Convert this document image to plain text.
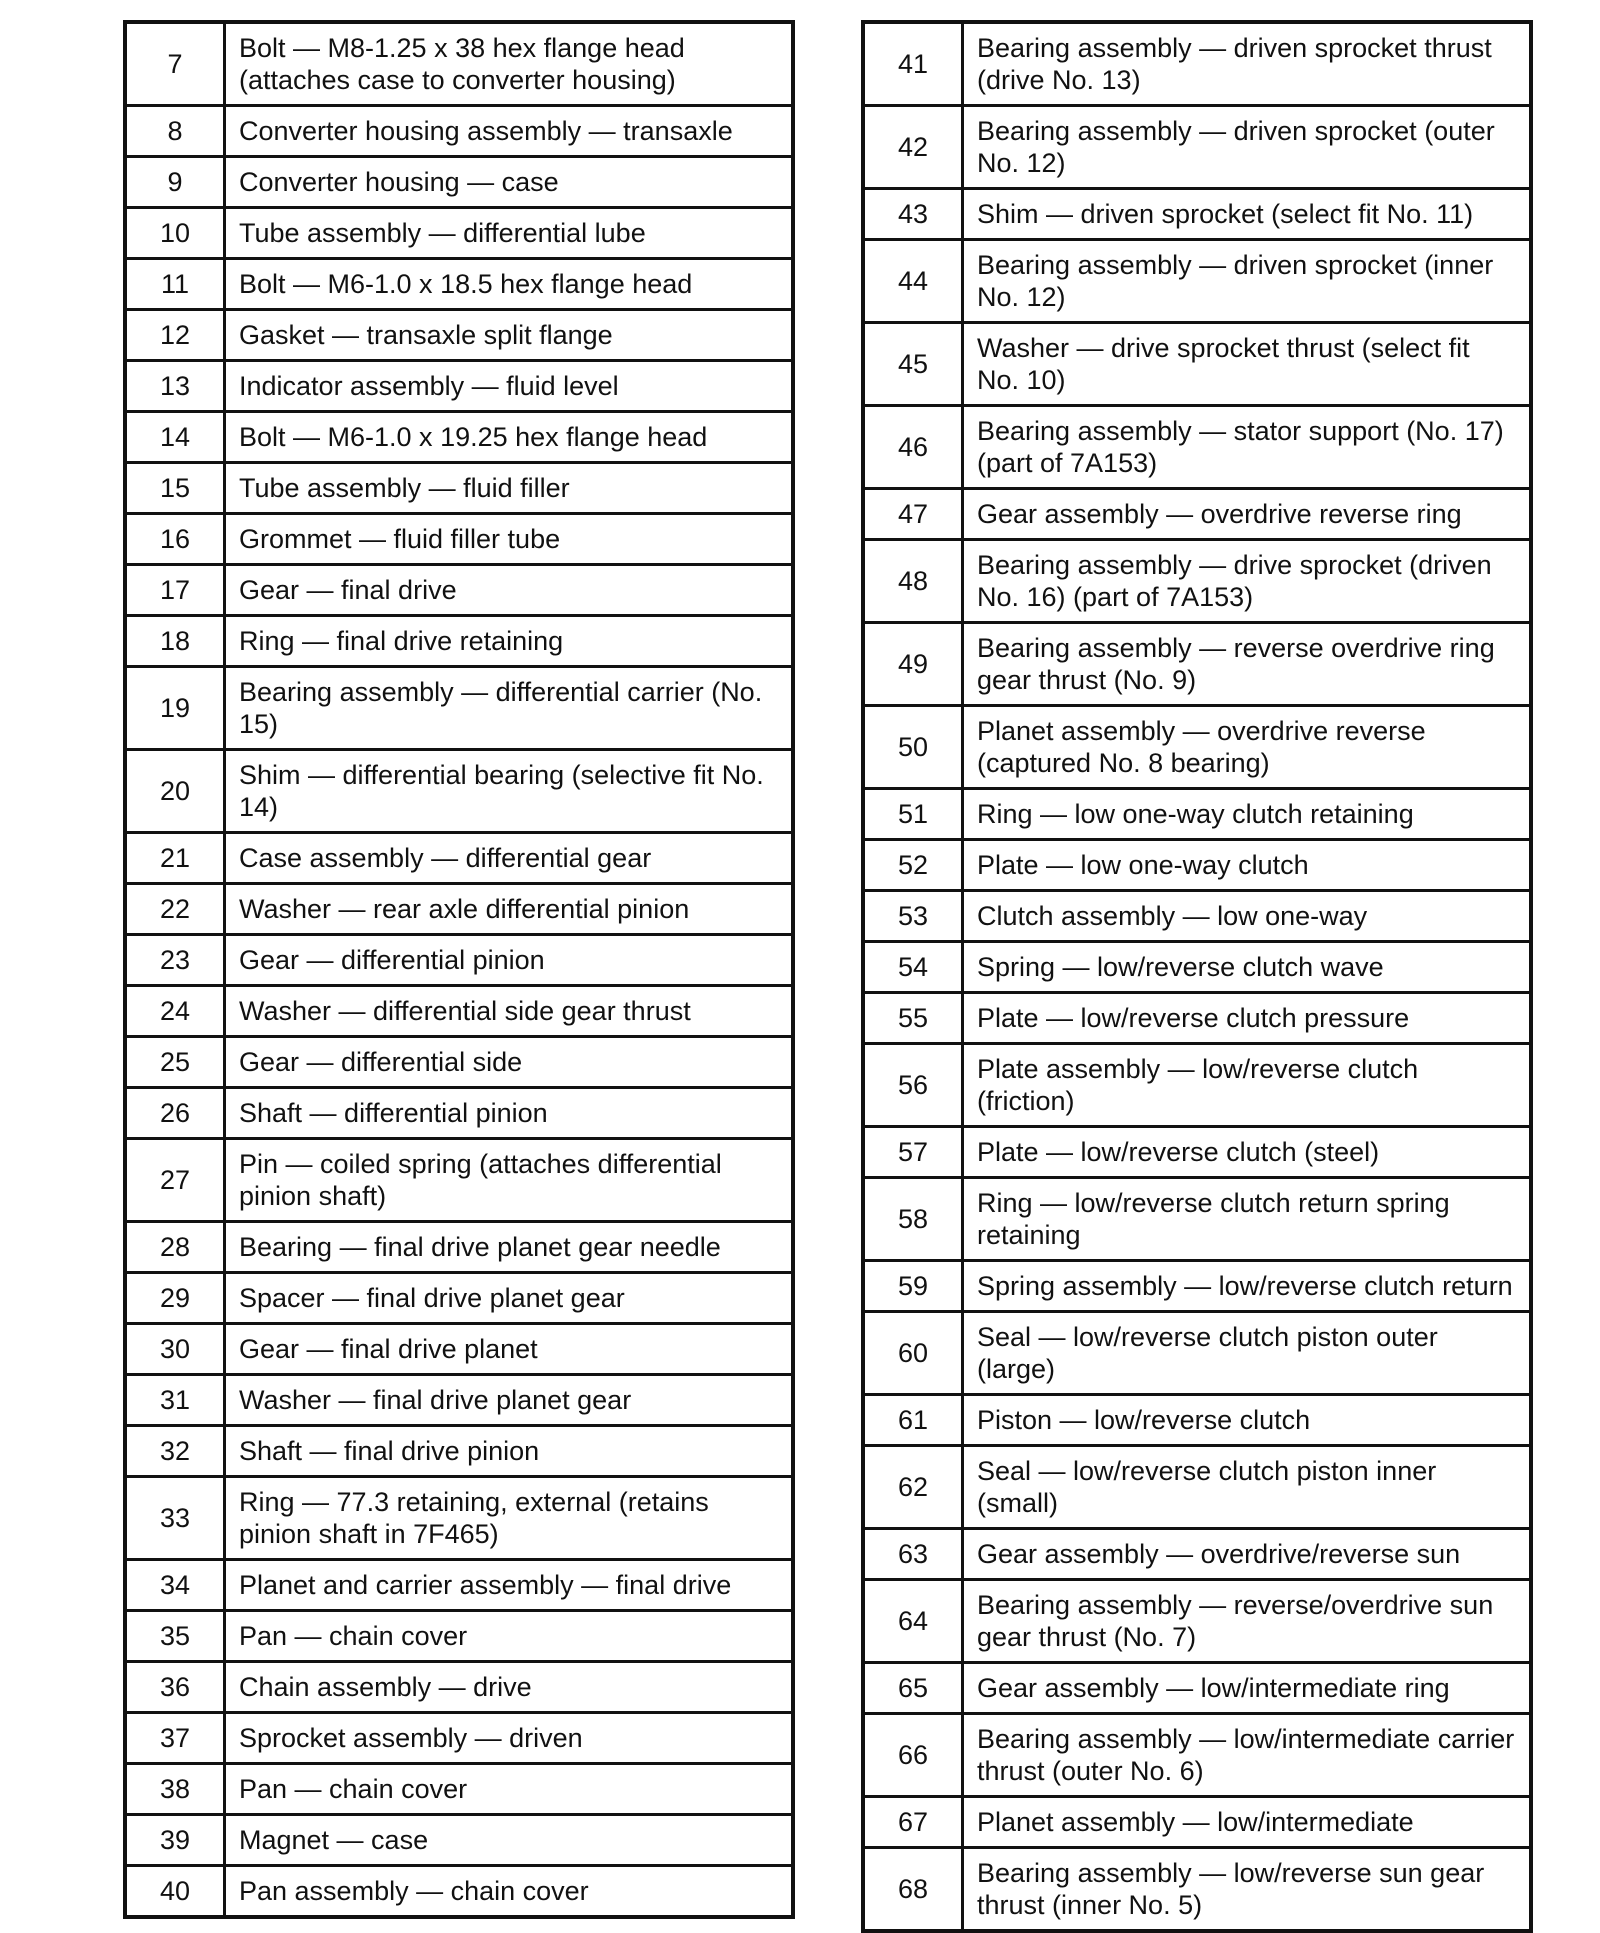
7	Bolt — M8-1.25 x 38 hex flange head (attaches case to converter housing)
8	Converter housing assembly — transaxle
9	Converter housing — case
10	Tube assembly — differential lube
11	Bolt — M6-1.0 x 18.5 hex flange head
12	Gasket — transaxle split flange
13	Indicator assembly — fluid level
14	Bolt — M6-1.0 x 19.25 hex flange head
15	Tube assembly — fluid filler
16	Grommet — fluid filler tube
17	Gear — final drive
18	Ring — final drive retaining
19	Bearing assembly — differential carrier (No. 15)
20	Shim — differential bearing (selective fit No. 14)
21	Case assembly — differential gear
22	Washer — rear axle differential pinion
23	Gear — differential pinion
24	Washer — differential side gear thrust
25	Gear — differential side
26	Shaft — differential pinion
27	Pin — coiled spring (attaches differential pinion shaft)
28	Bearing — final drive planet gear needle
29	Spacer — final drive planet gear
30	Gear — final drive planet
31	Washer — final drive planet gear
32	Shaft — final drive pinion
33	Ring — 77.3 retaining, external (retains pinion shaft in 7F465)
34	Planet and carrier assembly — final drive
35	Pan — chain cover
36	Chain assembly — drive
37	Sprocket assembly — driven
38	Pan — chain cover
39	Magnet — case
40	Pan assembly — chain cover
41	Bearing assembly — driven sprocket thrust (drive No. 13)
42	Bearing assembly — driven sprocket (outer No. 12)
43	Shim — driven sprocket (select fit No. 11)
44	Bearing assembly — driven sprocket (inner No. 12)
45	Washer — drive sprocket thrust (select fit No. 10)
46	Bearing assembly — stator support (No. 17) (part of 7A153)
47	Gear assembly — overdrive reverse ring
48	Bearing assembly — drive sprocket (driven No. 16) (part of 7A153)
49	Bearing assembly — reverse overdrive ring gear thrust (No. 9)
50	Planet assembly — overdrive reverse (captured No. 8 bearing)
51	Ring — low one-way clutch retaining
52	Plate — low one-way clutch
53	Clutch assembly — low one-way
54	Spring — low/reverse clutch wave
55	Plate — low/reverse clutch pressure
56	Plate assembly — low/reverse clutch (friction)
57	Plate — low/reverse clutch (steel)
58	Ring — low/reverse clutch return spring retaining
59	Spring assembly — low/reverse clutch return
60	Seal — low/reverse clutch piston outer (large)
61	Piston — low/reverse clutch
62	Seal — low/reverse clutch piston inner (small)
63	Gear assembly — overdrive/reverse sun
64	Bearing assembly — reverse/overdrive sun gear thrust (No. 7)
65	Gear assembly — low/intermediate ring
66	Bearing assembly — low/intermediate carrier thrust (outer No. 6)
67	Planet assembly — low/intermediate
68	Bearing assembly — low/reverse sun gear thrust (inner No. 5)
